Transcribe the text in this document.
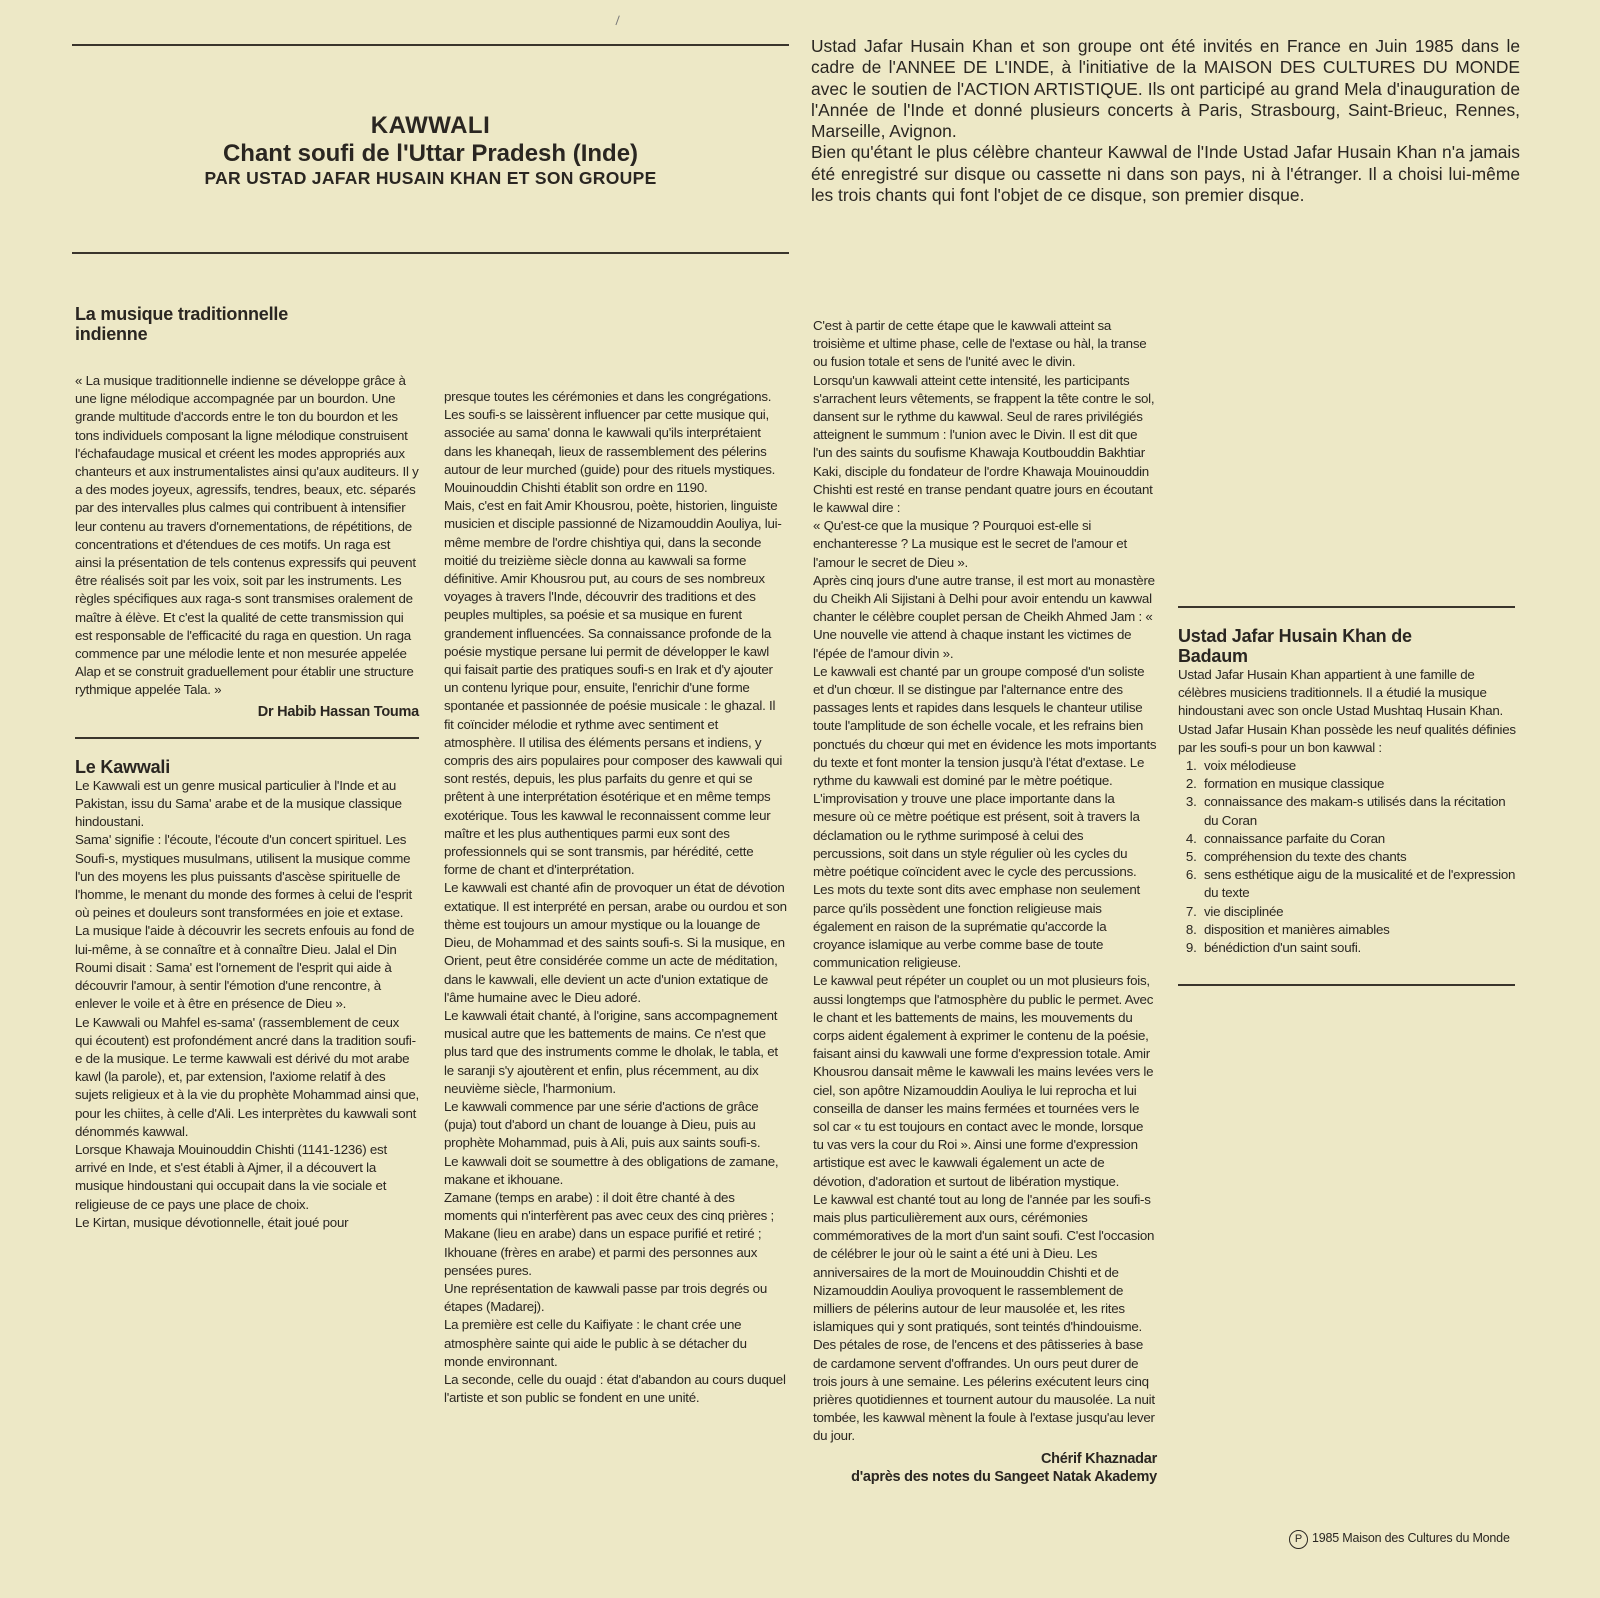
KAWWALI
Chant soufi de l'Uttar Pradesh (Inde)
PAR USTAD JAFAR HUSAIN KHAN ET SON GROUPE
Ustad Jafar Husain Khan et son groupe ont été invités en France en Juin 1985 dans le cadre de l'ANNEE DE L'INDE, à l'initiative de la MAISON DES CULTURES DU MONDE avec le soutien de l'ACTION ARTISTIQUE. Ils ont participé au grand Mela d'inauguration de l'Année de l'Inde et donné plusieurs concerts à Paris, Strasbourg, Saint-Brieuc, Rennes, Marseille, Avignon.
Bien qu'étant le plus célèbre chanteur Kawwal de l'Inde Ustad Jafar Husain Khan n'a jamais été enregistré sur disque ou cassette ni dans son pays, ni à l'étranger. Il a choisi lui-même les trois chants qui font l'objet de ce disque, son premier disque.
La musique traditionnelle indienne

« La musique traditionnelle indienne se développe grâce à une ligne mélodique accompagnée par un bourdon. Une grande multitude d'accords entre le ton du bourdon et les tons individuels composant la ligne mélodique construisent l'échafaudage musical et créent les modes appropriés aux chanteurs et aux instrumentalistes ainsi qu'aux auditeurs. Il y a des modes joyeux, agressifs, tendres, beaux, etc. séparés par des intervalles plus calmes qui contribuent à intensifier leur contenu au travers d'ornementations, de répétitions, de concentrations et d'étendues de ces motifs. Un raga est ainsi la présentation de tels contenus expressifs qui peuvent être réalisés soit par les voix, soit par les instruments. Les règles spécifiques aux raga-s sont transmises oralement de maître à élève. Et c'est la qualité de cette transmission qui est responsable de l'efficacité du raga en question. Un raga commence par une mélodie lente et non mesurée appelée Alap et se construit graduellement pour établir une structure rythmique appelée Tala. »

Dr Habib Hassan Touma
Le Kawwali

Le Kawwali est un genre musical particulier à l'Inde et au Pakistan, issu du Sama' arabe et de la musique classique hindoustani.

Sama' signifie : l'écoute, l'écoute d'un concert spirituel. Les Soufi-s, mystiques musulmans, utilisent la musique comme l'un des moyens les plus puissants d'ascèse spirituelle de l'homme, le menant du monde des formes à celui de l'esprit où peines et douleurs sont transformées en joie et extase. La musique l'aide à découvrir les secrets enfouis au fond de lui-même, à se connaître et à connaître Dieu. Jalal el Din Roumi disait : Sama' est l'ornement de l'esprit qui aide à découvrir l'amour, à sentir l'émotion d'une rencontre, à enlever le voile et à être en présence de Dieu ».

Le Kawwali ou Mahfel es-sama' (rassemblement de ceux qui écoutent) est profondément ancré dans la tradition soufi-e de la musique. Le terme kawwali est dérivé du mot arabe kawl (la parole), et, par extension, l'axiome relatif à des sujets religieux et à la vie du prophète Mohammad ainsi que, pour les chiites, à celle d'Ali. Les interprètes du kawwali sont dénommés kawwal.

Lorsque Khawaja Mouinouddin Chishti (1141-1236) est arrivé en Inde, et s'est établi à Ajmer, il a découvert la musique hindoustani qui occupait dans la vie sociale et religieuse de ce pays une place de choix.

Le Kirtan, musique dévotionnelle, était joué pour

presque toutes les cérémonies et dans les congrégations. Les soufi-s se laissèrent influencer par cette musique qui, associée au sama' donna le kawwali qu'ils interprétaient dans les khaneqah, lieux de rassemblement des pélerins autour de leur murched (guide) pour des rituels mystiques. Mouinouddin Chishti établit son ordre en 1190.

Mais, c'est en fait Amir Khousrou, poète, historien, linguiste musicien et disciple passionné de Nizamouddin Aouliya, lui-même membre de l'ordre chishtiya qui, dans la seconde moitié du treizième siècle donna au kawwali sa forme définitive. Amir Khousrou put, au cours de ses nombreux voyages à travers l'Inde, découvrir des traditions et des peuples multiples, sa poésie et sa musique en furent grandement influencées. Sa connaissance profonde de la poésie mystique persane lui permit de développer le kawl qui faisait partie des pratiques soufi-s en Irak et d'y ajouter un contenu lyrique pour, ensuite, l'enrichir d'une forme spontanée et passionnée de poésie musicale : le ghazal. Il fit coïncider mélodie et rythme avec sentiment et atmosphère. Il utilisa des éléments persans et indiens, y compris des airs populaires pour composer des kawwali qui sont restés, depuis, les plus parfaits du genre et qui se prêtent à une interprétation ésotérique et en même temps exotérique. Tous les kawwal le reconnaissent comme leur maître et les plus authentiques parmi eux sont des professionnels qui se sont transmis, par hérédité, cette forme de chant et d'interprétation.

Le kawwali est chanté afin de provoquer un état de dévotion extatique. Il est interprété en persan, arabe ou ourdou et son thème est toujours un amour mystique ou la louange de Dieu, de Mohammad et des saints soufi-s. Si la musique, en Orient, peut être considérée comme un acte de méditation, dans le kawwali, elle devient un acte d'union extatique de l'âme humaine avec le Dieu adoré.

Le kawwali était chanté, à l'origine, sans accompagnement musical autre que les battements de mains. Ce n'est que plus tard que des instruments comme le dholak, le tabla, et le saranji s'y ajoutèrent et enfin, plus récemment, au dix neuvième siècle, l'harmonium.

Le kawwali commence par une série d'actions de grâce (puja) tout d'abord un chant de louange à Dieu, puis au prophète Mohammad, puis à Ali, puis aux saints soufi-s.

Le kawwali doit se soumettre à des obligations de zamane, makane et ikhouane.

Zamane (temps en arabe) : il doit être chanté à des moments qui n'interfèrent pas avec ceux des cinq prières ; Makane (lieu en arabe) dans un espace purifié et retiré ; Ikhouane (frères en arabe) et parmi des personnes aux pensées pures.

Une représentation de kawwali passe par trois degrés ou étapes (Madarej).

La première est celle du Kaifiyate : le chant crée une atmosphère sainte qui aide le public à se détacher du monde environnant.

La seconde, celle du ouajd : état d'abandon au cours duquel l'artiste et son public se fondent en une unité.

C'est à partir de cette étape que le kawwali atteint sa troisième et ultime phase, celle de l'extase ou hàl, la transe ou fusion totale et sens de l'unité avec le divin.

Lorsqu'un kawwali atteint cette intensité, les participants s'arrachent leurs vêtements, se frappent la tête contre le sol, dansent sur le rythme du kawwal. Seul de rares privilégiés atteignent le summum : l'union avec le Divin. Il est dit que l'un des saints du soufisme Khawaja Koutbouddin Bakhtiar Kaki, disciple du fondateur de l'ordre Khawaja Mouinouddin Chishti est resté en transe pendant quatre jours en écoutant le kawwal dire :

« Qu'est-ce que la musique ? Pourquoi est-elle si enchanteresse ? La musique est le secret de l'amour et l'amour le secret de Dieu ».

Après cinq jours d'une autre transe, il est mort au monastère du Cheikh Ali Sijistani à Delhi pour avoir entendu un kawwal chanter le célèbre couplet persan de Cheikh Ahmed Jam : « Une nouvelle vie attend à chaque instant les victimes de l'épée de l'amour divin ».

Le kawwali est chanté par un groupe composé d'un soliste et d'un chœur. Il se distingue par l'alternance entre des passages lents et rapides dans lesquels le chanteur utilise toute l'amplitude de son échelle vocale, et les refrains bien ponctués du chœur qui met en évidence les mots importants du texte et font monter la tension jusqu'à l'état d'extase. Le rythme du kawwali est dominé par le mètre poétique. L'improvisation y trouve une place importante dans la mesure où ce mètre poétique est présent, soit à travers la déclamation ou le rythme surimposé à celui des percussions, soit dans un style régulier où les cycles du mètre poétique coïncident avec le cycle des percussions. Les mots du texte sont dits avec emphase non seulement parce qu'ils possèdent une fonction religieuse mais également en raison de la suprématie qu'accorde la croyance islamique au verbe comme base de toute communication religieuse.

Le kawwal peut répéter un couplet ou un mot plusieurs fois, aussi longtemps que l'atmosphère du public le permet. Avec le chant et les battements de mains, les mouvements du corps aident également à exprimer le contenu de la poésie, faisant ainsi du kawwali une forme d'expression totale. Amir Khousrou dansait même le kawwali les mains levées vers le ciel, son apôtre Nizamouddin Aouliya le lui reprocha et lui conseilla de danser les mains fermées et tournées vers le sol car « tu est toujours en contact avec le monde, lorsque tu vas vers la cour du Roi ». Ainsi une forme d'expression artistique est avec le kawwali également un acte de dévotion, d'adoration et surtout de libération mystique.

Le kawwal est chanté tout au long de l'année par les soufi-s mais plus particulièrement aux ours, cérémonies commémoratives de la mort d'un saint soufi. C'est l'occasion de célébrer le jour où le saint a été uni à Dieu. Les anniversaires de la mort de Mouinouddin Chishti et de Nizamouddin Aouliya provoquent le rassemblement de milliers de pélerins autour de leur mausolée et, les rites islamiques qui y sont pratiqués, sont teintés d'hindouisme. Des pétales de rose, de l'encens et des pâtisseries à base de cardamone servent d'offrandes. Un ours peut durer de trois jours à une semaine. Les pélerins exécutent leurs cinq prières quotidiennes et tournent autour du mausolée. La nuit tombée, les kawwal mènent la foule à l'extase jusqu'au lever du jour.

Chérif Khaznadar
d'après des notes du Sangeet Natak Akademy
Ustad Jafar Husain Khan de Badaum

Ustad Jafar Husain Khan appartient à une famille de célèbres musiciens traditionnels. Il a étudié la musique hindoustani avec son oncle Ustad Mushtaq Husain Khan. Ustad Jafar Husain Khan possède les neuf qualités définies par les soufi-s pour un bon kawwal :

1. voix mélodieuse
2. formation en musique classique
3. connaissance des makam-s utilisés dans la récitation du Coran
4. connaissance parfaite du Coran
5. compréhension du texte des chants
6. sens esthétique aigu de la musicalité et de l'expression du texte
7. vie disciplinée
8. disposition et manières aimables
9. bénédiction d'un saint soufi.
P 1985 Maison des Cultures du Monde
